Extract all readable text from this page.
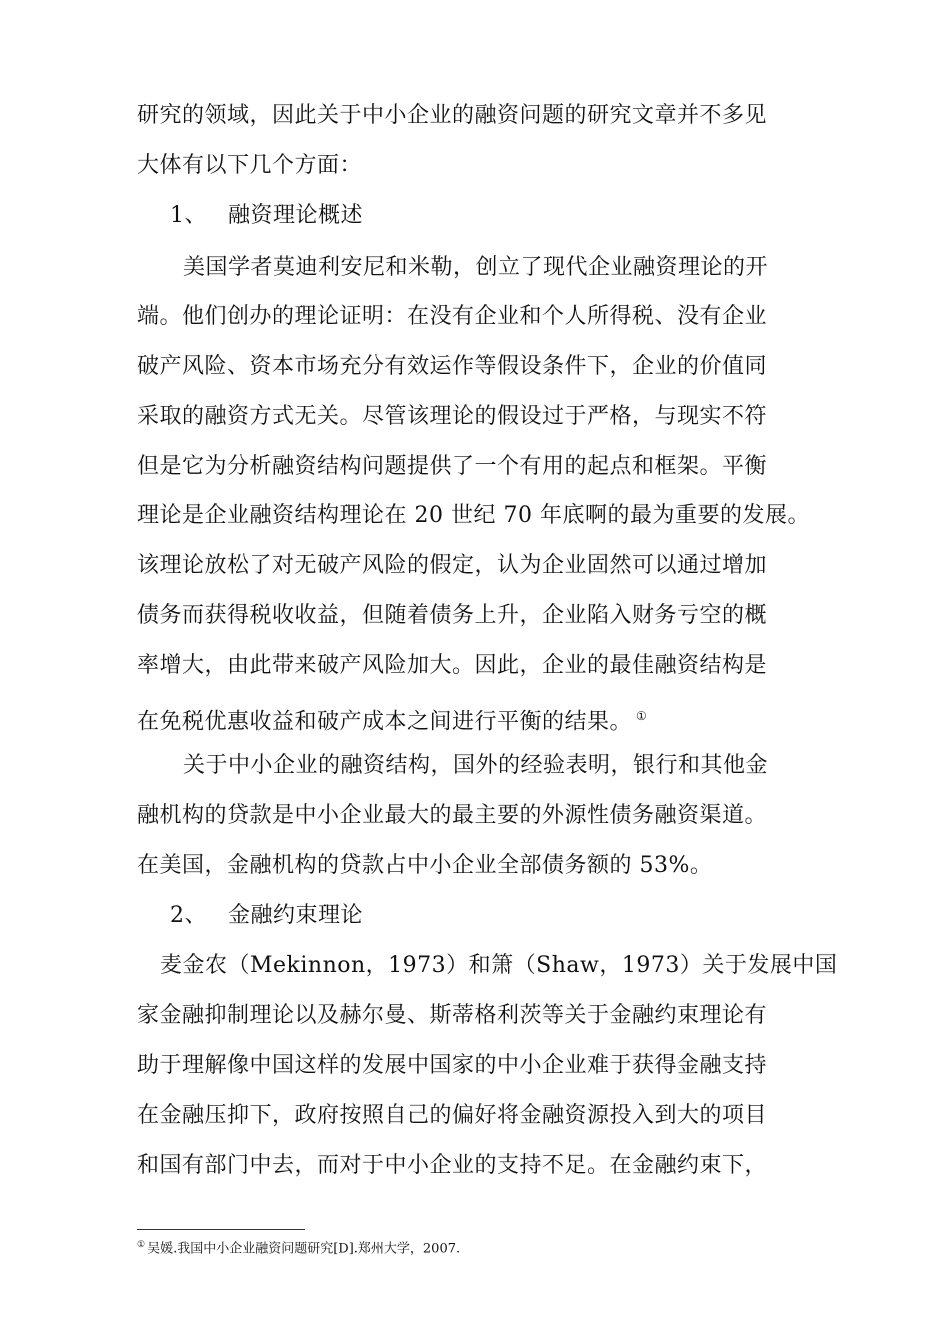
研究的领域，因此关于中小企业的融资问题的研究文章并不多见
大体有以下几个方面：
1、 融资理论概述
美国学者莫迪利安尼和米勒，创立了现代企业融资理论的开
端。他们创办的理论证明：在没有企业和个人所得税、没有企业
破产风险、资本市场充分有效运作等假设条件下，企业的价值同
采取的融资方式无关。尽管该理论的假设过于严格，与现实不符
但是它为分析融资结构问题提供了一个有用的起点和框架。平衡
理论是企业融资结构理论在 20 世纪 70 年底啊的最为重要的发展。
该理论放松了对无破产风险的假定，认为企业固然可以通过增加
债务而获得税收收益，但随着债务上升，企业陷入财务亏空的概
率增大，由此带来破产风险加大。因此，企业的最佳融资结构是
在免税优惠收益和破产成本之间进行平衡的结果。 ①
关于中小企业的融资结构，国外的经验表明，银行和其他金
融机构的贷款是中小企业最大的最主要的外源性债务融资渠道。
在美国，金融机构的贷款占中小企业全部债务额的 53%。
2、 金融约束理论
麦金农（Mekinnon，1973）和箫（Shaw，1973）关于发展中国
家金融抑制理论以及赫尔曼、斯蒂格利茨等关于金融约束理论有
助于理解像中国这样的发展中国家的中小企业难于获得金融支持
在金融压抑下，政府按照自己的偏好将金融资源投入到大的项目
和国有部门中去，而对于中小企业的支持不足。在金融约束下，
① 吴媛.我国中小企业融资问题研究[D].郑州大学，2007.
